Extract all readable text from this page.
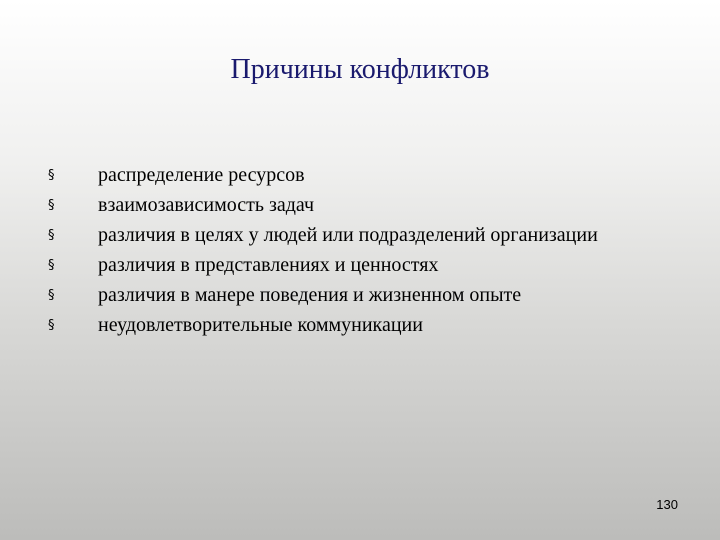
Причины конфликтов
§	распределение ресурсов
§	взаимозависимость задач
§	различия в целях у людей или подразделений организации
§	различия в представлениях и ценностях
§	различия в манере поведения и жизненном опыте
§	неудовлетворительные коммуникации
130
